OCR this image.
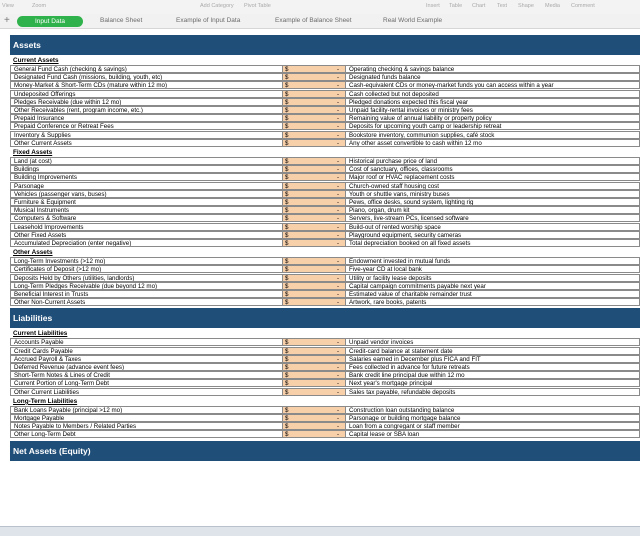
View	Zoom	Add Category Pivot Table	Insert Table Chart Text Shape Media Comment
+	Input Data	Balance Sheet	Example of Input Data	Example of Balance Sheet	Real World Example
Assets
Current Assets
General Fund Cash (checking & savings)	$	-	Operating checking & savings balance
Designated Fund Cash (missions, building, youth, etc)	$	-	Designated funds balance
Money-Market & Short-Term CDs (mature within 12 mo)	$	-	Cash-equivalent CDs or money-market funds you can access within a year
Undeposited Offerings	$	-	Cash collected but not deposited
Pledges Receivable (due within 12 mo)	$	-	Pledged donations expected this fiscal year
Other Receivables (rent, program income, etc.)	$	-	Unpaid facility-rental invoices or ministry fees
Prepaid Insurance	$	-	Remaining value of annual liability or property policy
Prepaid Conference or Retreat Fees	$	-	Deposits for upcoming youth camp or leadership retreat
Inventory & Supplies	$	-	Bookstore inventory, communion supplies, café stock
Other Current Assets	$	-	Any other asset convertible to cash within 12 mo
Fixed Assets
Land (at cost)	$	-	Historical purchase price of land
Buildings	$	-	Cost of sanctuary, offices, classrooms
Building Improvements	$	-	Major roof or HVAC replacement costs
Parsonage	$	-	Church-owned staff housing cost
Vehicles (passenger vans, buses)	$	-	Youth or shuttle vans, ministry buses
Furniture & Equipment	$	-	Pews, office desks, sound system, lighting rig
Musical Instruments	$	-	Piano, organ, drum kit
Computers & Software	$	-	Servers, live-stream PCs, licensed software
Leasehold Improvements	$	-	Build-out of rented worship space
Other Fixed Assets	$	-	Playground equipment, security cameras
Accumulated Depreciation (enter negative)	$	-	Total depreciation booked on all fixed assets
Other Assets
Long-Term Investments (>12 mo)	$	-	Endowment invested in mutual funds
Certificates of Deposit (>12 mo)	$	-	Five-year CD at local bank
Deposits Held by Others (utilities, landlords)	$	-	Utility or facility lease deposits
Long-Term Pledges Receivable (due beyond 12 mo)	$	-	Capital campaign commitments payable next year
Beneficial Interest in Trusts	$	-	Estimated value of charitable remainder trust
Other Non-Current Assets	$	-	Artwork, rare books, patents
Liabilities
Current Liabilities
Accounts Payable	$	-	Unpaid vendor invoices
Credit Cards Payable	$	-	Credit-card balance at statement date
Accrued Payroll & Taxes	$	-	Salaries earned in December plus FICA and FIT
Deferred Revenue (advance event fees)	$	-	Fees collected in advance for future retreats
Short-Term Notes & Lines of Credit	$	-	Bank credit line principal due within 12 mo
Current Portion of Long-Term Debt	$	-	Next year's mortgage principal
Other Current Liabilities	$	-	Sales tax payable, refundable deposits
Long-Term Liabilities
Bank Loans Payable (principal >12 mo)	$	-	Construction loan outstanding balance
Mortgage Payable	$	-	Parsonage or building mortgage balance
Notes Payable to Members / Related Parties	$	-	Loan from a congregant or staff member
Other Long-Term Debt	$	-	Capital lease or SBA loan
Net Assets (Equity)
